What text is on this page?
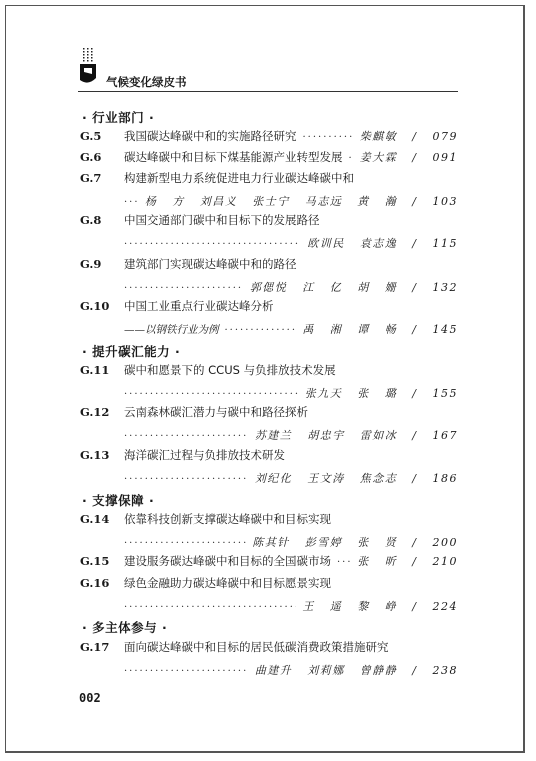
气候变化绿皮书
· 行业部门 ·
G.5	我国碳达峰碳中和的实施路径研究 ·····	柴麒敏 / 079
G.6	碳达峰碳中和目标下煤基能源产业转型发展 ····· 姜大霖 / 091
G.7	构建新型电力系统促进电力行业碳达峰碳中和
·····
杨 方 刘昌义 张士宁 马志远 黄 瀚 / 103
G.8	中国交通部门碳中和目标下的发展路径
·····
欧训民 袁志逸 / 115
G.9	建筑部门实现碳达峰碳中和的路径
·····
郭偲悦 江 亿 胡 姗 / 132
G.10	中国工业重点行业碳达峰分析
——以钢铁行业为例 ·····	禹 湘 谭 畅 / 145
· 提升碳汇能力 ·
G.11	碳中和愿景下的 CCUS 与负排放技术发展
·····
张九天 张 璐 / 155
G.12	云南森林碳汇潜力与碳中和路径探析
·····
苏建兰 胡忠宇 雷如冰 / 167
G.13	海洋碳汇过程与负排放技术研发
·····
刘纪化 王文涛 焦念志 / 186
· 支撑保障 ·
G.14	依靠科技创新支撑碳达峰碳中和目标实现
·····
陈其针 彭雪婷 张 贤 / 200
G.15	建设服务碳达峰碳中和目标的全国碳市场 ····· 张 昕 / 210
G.16	绿色金融助力碳达峰碳中和目标愿景实现
·····
王 遥 黎 峥 / 224
· 多主体参与 ·
G.17	面向碳达峰碳中和目标的居民低碳消费政策措施研究
·····
曲建升 刘莉娜 曾静静 / 238
002
